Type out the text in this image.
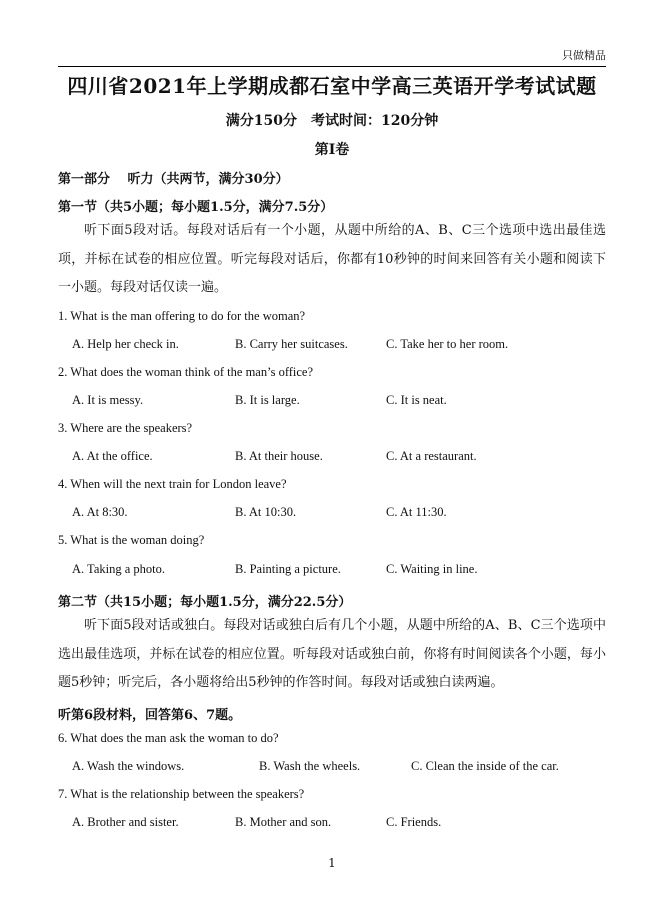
只做精品
四川省2021年上学期成都石室中学高三英语开学考试试题
满分150分 考试时间：120分钟
第I卷
第一部分　 听力（共两节，满分30分）
第一节（共5小题；每小题1.5分，满分7.5分）
听下面5段对话。每段对话后有一个小题，从题中所给的A、B、C三个选项中选出最佳选项，并标在试卷的相应位置。听完每段对话后，你都有10秒钟的时间来回答有关小题和阅读下一小题。每段对话仅读一遍。
1. What is the man offering to do for the woman?
A. Help her check in.	B. Carry her suitcases.	C. Take her to her room.
2. What does the woman think of the man’s office?
A. It is messy.	B. It is large.	C. It is neat.
3. Where are the speakers?
A. At the office.	B. At their house.	C. At a restaurant.
4. When will the next train for London leave?
A. At 8:30.	B. At 10:30.	C. At 11:30.
5. What is the woman doing?
A. Taking a photo.	B. Painting a picture.	C. Waiting in line.
第二节（共15小题；每小题1.5分，满分22.5分）
听下面5段对话或独白。每段对话或独白后有几个小题，从题中所给的A、B、C三个选项中选出最佳选项，并标在试卷的相应位置。听每段对话或独白前，你将有时间阅读各个小题，每小题5秒钟；听完后，各小题将给出5秒钟的作答时间。每段对话或独白读两遍。
听第6段材料，回答第6、7题。
6. What does the man ask the woman to do?
A. Wash the windows.	B. Wash the wheels.	C. Clean the inside of the car.
7. What is the relationship between the speakers?
A. Brother and sister.	B. Mother and son.	C. Friends.
1
